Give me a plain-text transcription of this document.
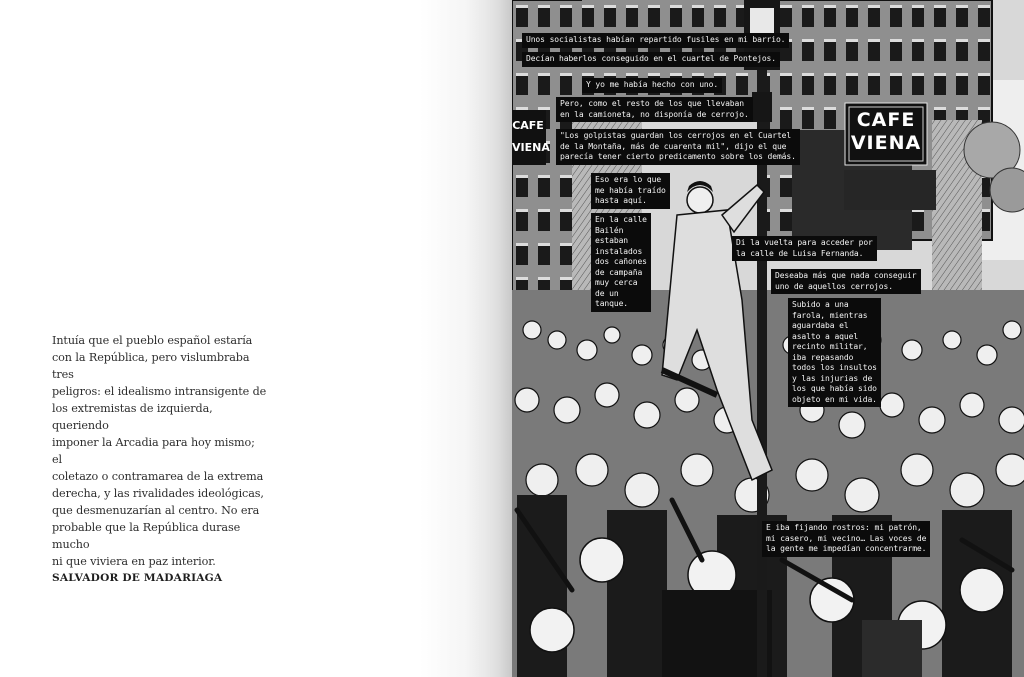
Intuía que el pueblo español estaría

con la República, pero vislumbraba tres

peligros: el idealismo intransigente de

los extremistas de izquierda, queriendo

imponer la Arcadia para hoy mismo; el

coletazo o contramarea de la extrema

derecha, y las rivalidades ideológicas,

que desmenuzarían al centro. No era

probable que la República durase mucho

ni que viviera en paz interior.

SALVADOR DE MADARIAGA

CAFE
VIENA
CAFE
VIENA
Unos socialistas habían repartido fusiles en mi barrio.
Decían haberlos conseguido en el cuartel de Pontejos.
Y yo me había hecho con uno.
Pero, como el resto de los que llevaban
en la camioneta, no disponía de cerrojo.
"Los golpistas guardan los cerrojos en el Cuartel
de la Montaña, más de cuarenta mil", dijo el que
parecía tener cierto predicamento sobre los demás.
Eso era lo que
me había traído
hasta aquí.
En la calle
Bailén
estaban
instalados
dos cañones
de campaña
muy cerca
de un
tanque.
Di la vuelta para acceder por
la calle de Luisa Fernanda.
Deseaba más que nada conseguir
uno de aquellos cerrojos.
Subido a una
farola, mientras
aguardaba el
asalto a aquel
recinto militar,
iba repasando
todos los insultos
y las injurias de
los que había sido
objeto en mi vida.
E iba fijando rostros: mi patrón,
mi casero, mi vecino… Las voces de
la gente me impedían concentrarme.
